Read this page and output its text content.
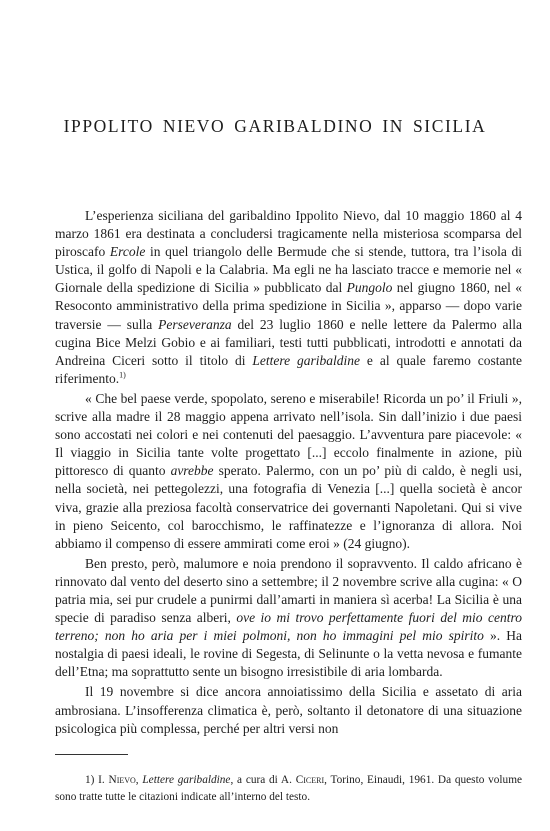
IPPOLITO NIEVO GARIBALDINO IN SICILIA

L’esperienza siciliana del garibaldino Ippolito Nievo, dal 10 maggio 1860 al 4 marzo 1861 era destinata a concludersi tragicamente nella misteriosa scomparsa del piroscafo Ercole in quel triangolo delle Bermude che si stende, tuttora, tra l’isola di Ustica, il golfo di Napoli e la Calabria. Ma egli ne ha lasciato tracce e memorie nel « Giornale della spedizione di Sicilia » pubblicato dal Pungolo nel giugno 1860, nel « Resoconto amministrativo della prima spedizione in Sicilia », apparso — dopo varie traversie — sulla Perseveranza del 23 luglio 1860 e nelle lettere da Palermo alla cugina Bice Melzi Gobio e ai familiari, testi tutti pubblicati, introdotti e annotati da Andreina Ciceri sotto il titolo di Lettere garibaldine e al quale faremo costante riferimento.$^{1)}$

« Che bel paese verde, spopolato, sereno e miserabile! Ricorda un po’ il Friuli », scrive alla madre il 28 maggio appena arrivato nell’isola. Sin dall’inizio i due paesi sono accostati nei colori e nei contenuti del paesaggio. L’avventura pare piacevole: « Il viaggio in Sicilia tante volte progettato [...] eccolo finalmente in azione, più pittoresco di quanto avrebbe sperato. Palermo, con un po’ più di caldo, è negli usi, nella società, nei pettegolezzi, una fotografia di Venezia [...] quella società è ancor viva, grazie alla preziosa facoltà conservatrice dei governanti Napoletani. Qui si vive in pieno Seicento, col barocchismo, le raffinatezze e l’ignoranza di allora. Noi abbiamo il compenso di essere ammirati come eroi » (24 giugno).

Ben presto, però, malumore e noia prendono il sopravvento. Il caldo africano è rinnovato dal vento del deserto sino a settembre; il 2 novembre scrive alla cugina: « O patria mia, sei pur crudele a punirmi dall’amarti in maniera sì acerba! La Sicilia è una specie di paradiso senza alberi, ove io mi trovo perfettamente fuori del mio centro terreno; non ho aria per i miei polmoni, non ho immagini pel mio spirito ». Ha nostalgia di paesi ideali, le rovine di Segesta, di Selinunte o la vetta nevosa e fumante dell’Etna; ma soprattutto sente un bisogno irresistibile di aria lombarda.

Il 19 novembre si dice ancora annoiatissimo della Sicilia e assetato di aria ambrosiana. L’insofferenza climatica è, però, soltanto il detonatore di una situazione psicologica più complessa, perché per altri versi non

1) I. Nievo, Lettere garibaldine, a cura di A. Ciceri, Torino, Einaudi, 1961. Da questo volume sono tratte tutte le citazioni indicate all’interno del testo.
